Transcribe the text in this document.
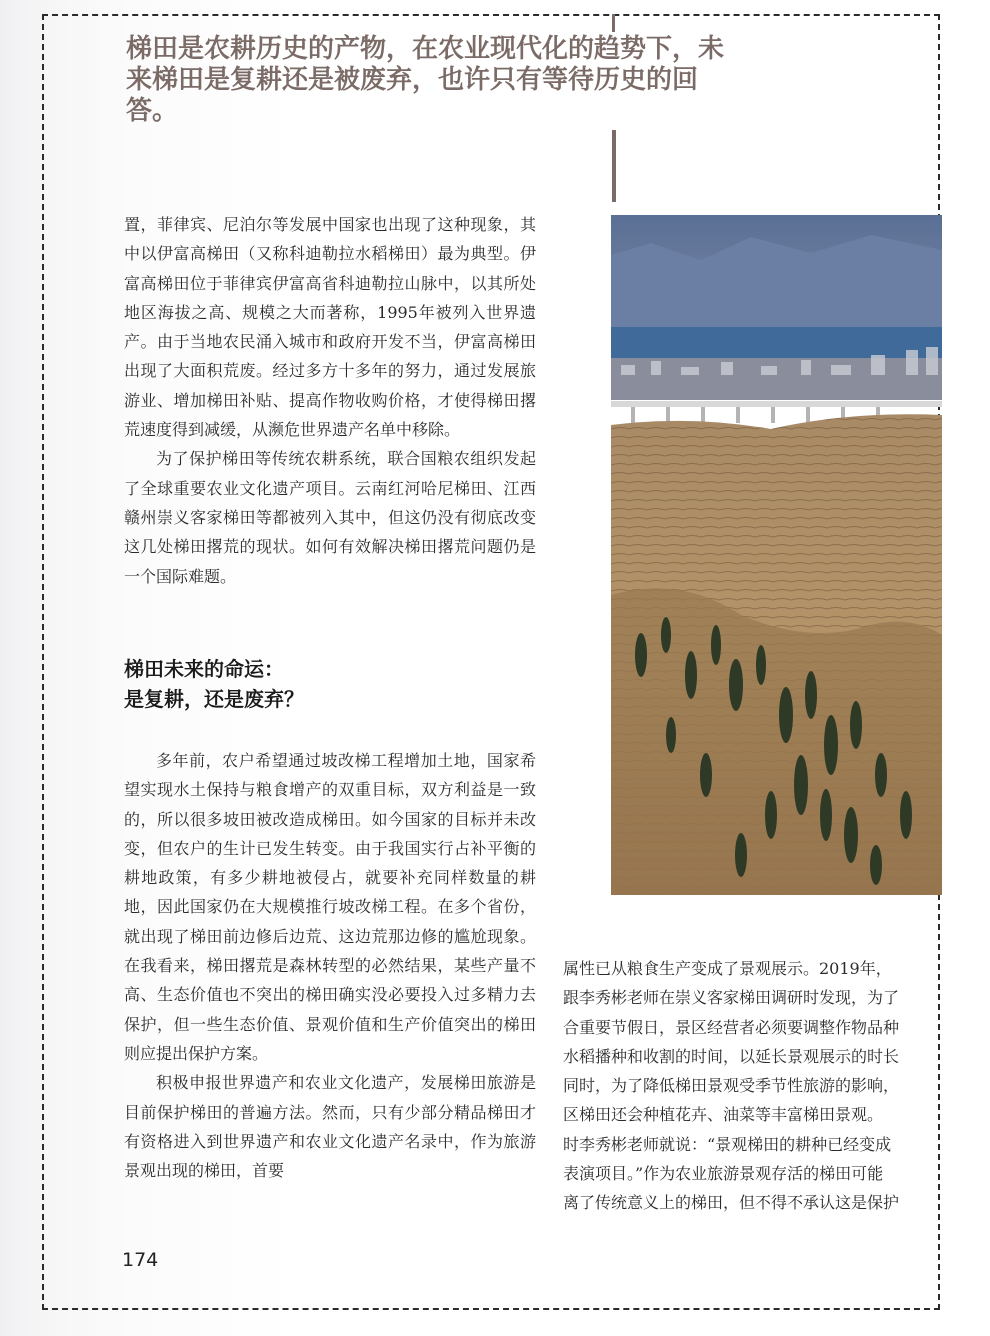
梯田是农耕历史的产物，在农业现代化的趋势下，未来梯田是复耕还是被废弃，也许只有等待历史的回答。

置，菲律宾、尼泊尔等发展中国家也出现了这种现象，其中以伊富高梯田（又称科迪勒拉水稻梯田）最为典型。伊富高梯田位于菲律宾伊富高省科迪勒拉山脉中，以其所处地区海拔之高、规模之大而著称，1995年被列入世界遗产。由于当地农民涌入城市和政府开发不当，伊富高梯田出现了大面积荒废。经过多方十多年的努力，通过发展旅游业、增加梯田补贴、提高作物收购价格，才使得梯田撂荒速度得到减缓，从濒危世界遗产名单中移除。

为了保护梯田等传统农耕系统，联合国粮农组织发起了全球重要农业文化遗产项目。云南红河哈尼梯田、江西赣州崇义客家梯田等都被列入其中，但这仍没有彻底改变这几处梯田撂荒的现状。如何有效解决梯田撂荒问题仍是一个国际难题。

梯田未来的命运：
是复耕，还是废弃？

多年前，农户希望通过坡改梯工程增加土地，国家希望实现水土保持与粮食增产的双重目标，双方利益是一致的，所以很多坡田被改造成梯田。如今国家的目标并未改变，但农户的生计已发生转变。由于我国实行占补平衡的耕地政策，有多少耕地被侵占，就要补充同样数量的耕地，因此国家仍在大规模推行坡改梯工程。在多个省份，就出现了梯田前边修后边荒、这边荒那边修的尴尬现象。在我看来，梯田撂荒是森林转型的必然结果，某些产量不高、生态价值也不突出的梯田确实没必要投入过多精力去保护，但一些生态价值、景观价值和生产价值突出的梯田则应提出保护方案。

积极申报世界遗产和农业文化遗产，发展梯田旅游是目前保护梯田的普遍方法。然而，只有少部分精品梯田才有资格进入到世界遗产和农业文化遗产名录中，作为旅游景观出现的梯田，首要

属性已从粮食生产变成了景观展示。2019年，

跟李秀彬老师在崇义客家梯田调研时发现，为了

合重要节假日，景区经营者必须要调整作物品种

水稻播种和收割的时间，以延长景观展示的时长

同时，为了降低梯田景观受季节性旅游的影响，

区梯田还会种植花卉、油菜等丰富梯田景观。

时李秀彬老师就说：“景观梯田的耕种已经变成

表演项目。”作为农业旅游景观存活的梯田可能

离了传统意义上的梯田，但不得不承认这是保护

174
